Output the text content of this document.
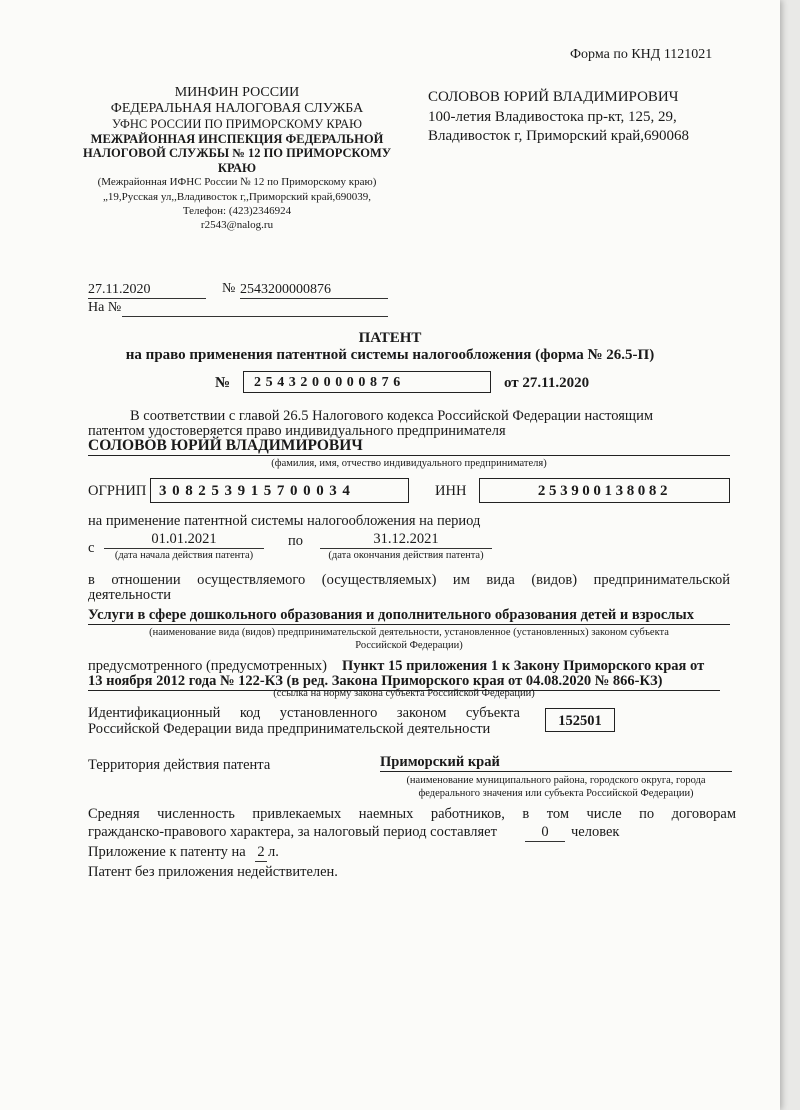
Форма по КНД 1121021
МИНФИН РОССИИ
ФЕДЕРАЛЬНАЯ НАЛОГОВАЯ СЛУЖБА
УФНС РОССИИ ПО ПРИМОРСКОМУ КРАЮ
МЕЖРАЙОННАЯ ИНСПЕКЦИЯ ФЕДЕРАЛЬНОЙ
НАЛОГОВОЙ СЛУЖБЫ № 12 ПО ПРИМОРСКОМУ
КРАЮ
(Межрайонная ИФНС России № 12 по Приморскому краю)
„19,Русская ул,,Владивосток г,,Приморский край,690039,
Телефон: (423)2346924
r2543@nalog.ru
СОЛОВОВ ЮРИЙ ВЛАДИМИРОВИЧ
100-летия Владивостока пр-кт, 125, 29,
Владивосток г, Приморский край,690068
27.11.2020	№ 2543200000876
На №
ПАТЕНТ
на право применения патентной системы налогообложения (форма № 26.5-П)
№	2543200000876	от 27.11.2020
В соответствии с главой 26.5 Налогового кодекса Российской Федерации настоящим
патентом удостоверяется право индивидуального предпринимателя
СОЛОВОВ ЮРИЙ ВЛАДИМИРОВИЧ
(фамилия, имя, отчество индивидуального предпринимателя)
ОГРНИП 308253915700034	ИНН	253900138082
на применение патентной системы налогообложения на период
с
01.01.2021
(дата начала действия патента)
по	31.12.2021
(дата окончания действия патента)
в отношении осуществляемого (осуществляемых) им вида (видов) предпринимательской
деятельности
Услуги в сфере дошкольного образования и дополнительного образования детей и взрослых
(наименование вида (видов) предпринимательской деятельности, установленное (установленных) законом субъекта
Российской Федерации)
предусмотренного (предусмотренных) Пункт 15 приложения 1 к Закону Приморского края от
13 ноября 2012 года № 122-КЗ (в ред. Закона Приморского края от 04.08.2020 № 866-КЗ)
(ссылка на норму закона субъекта Российской Федерации)
Идентификационный код установленного законом субъекта
Российской Федерации вида предпринимательской деятельности	152501
Территория действия патента	Приморский край
(наименование муниципального района, городского округа, города
федерального значения или субъекта Российской Федерации)
Средняя численность привлекаемых наемных работников, в том числе по договорам
гражданско-правового характера, за налоговый период составляет	0	человек
Приложение к патенту на 2 л.
Патент без приложения недействителен.
